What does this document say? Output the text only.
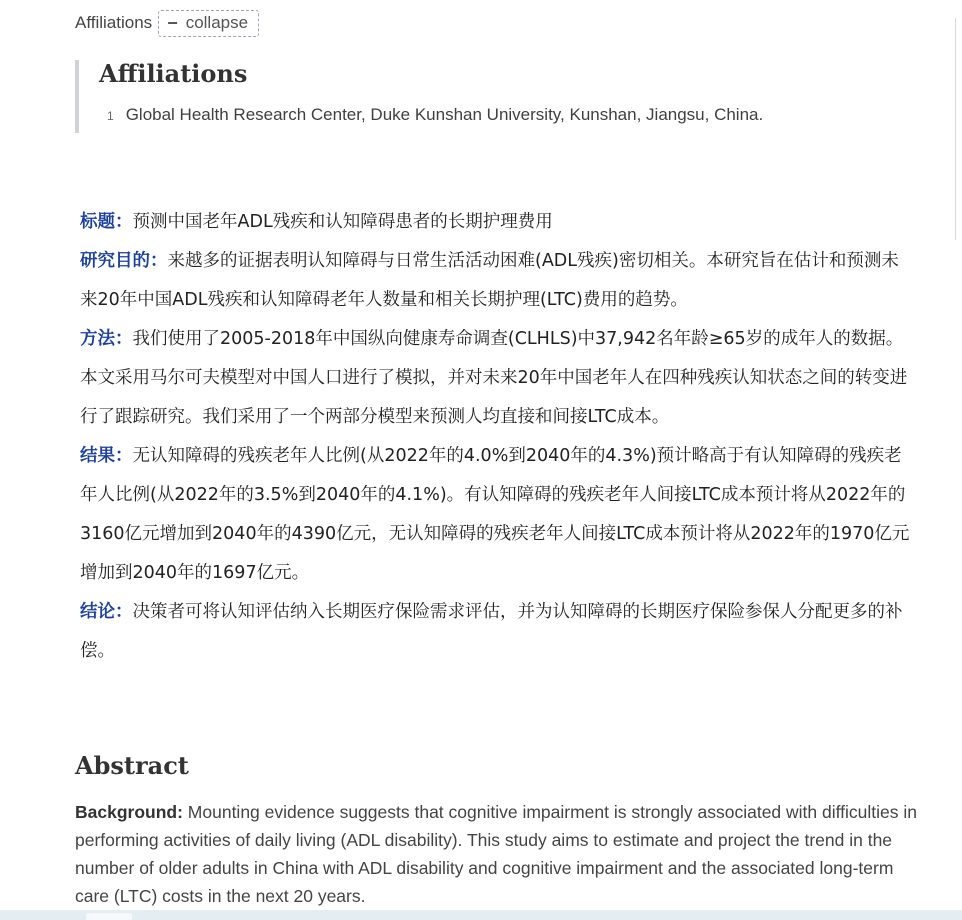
Affiliations − collapse
Affiliations
1 Global Health Research Center, Duke Kunshan University, Kunshan, Jiangsu, China.

标题：预测中国老年ADL残疾和认知障碍患者的长期护理费用

研究目的：来越多的证据表明认知障碍与日常生活活动困难(ADL残疾)密切相关。本研究旨在估计和预测未来20年中国ADL残疾和认知障碍老年人数量和相关长期护理(LTC)费用的趋势。

方法：我们使用了2005-2018年中国纵向健康寿命调查(CLHLS)中37,942名年龄≥65岁的成年人的数据。本文采用马尔可夫模型对中国人口进行了模拟，并对未来20年中国老年人在四种残疾认知状态之间的转变进行了跟踪研究。我们采用了一个两部分模型来预测人均直接和间接LTC成本。

结果：无认知障碍的残疾老年人比例(从2022年的4.0%到2040年的4.3%)预计略高于有认知障碍的残疾老年人比例(从2022年的3.5%到2040年的4.1%)。有认知障碍的残疾老年人间接LTC成本预计将从2022年的3160亿元增加到2040年的4390亿元，无认知障碍的残疾老年人间接LTC成本预计将从2022年的1970亿元增加到2040年的1697亿元。

结论：决策者可将认知评估纳入长期医疗保险需求评估，并为认知障碍的长期医疗保险参保人分配更多的补偿。

Abstract

Background: Mounting evidence suggests that cognitive impairment is strongly associated with difficulties in performing activities of daily living (ADL disability). This study aims to estimate and project the trend in the number of older adults in China with ADL disability and cognitive impairment and the associated long-term care (LTC) costs in the next 20 years.
